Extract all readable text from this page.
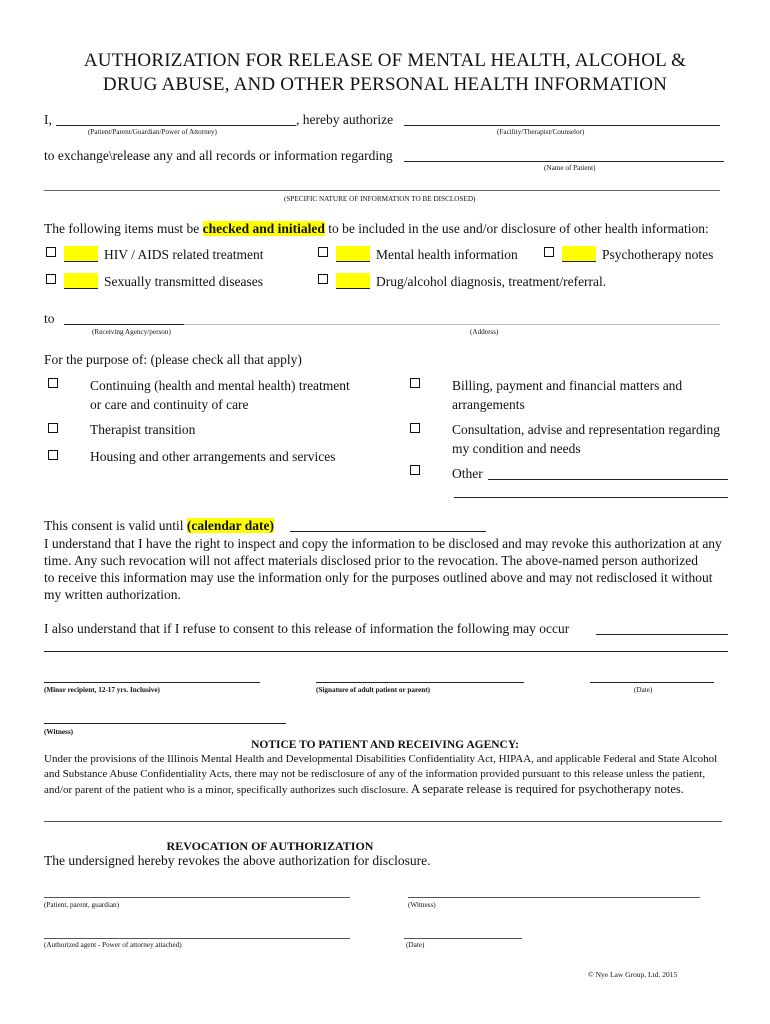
AUTHORIZATION FOR RELEASE OF MENTAL HEALTH, ALCOHOL &
DRUG ABUSE, AND OTHER PERSONAL HEALTH INFORMATION
I,	, hereby authorize
(Patient/Parent/Guardian/Power of Attorney)	(Facility/Therapist/Counselor)
to exchange\release any and all records or information regarding
(Name of Patient)
(SPECIFIC NATURE OF INFORMATION TO BE DISCLOSED)
The following items must be checked and initialed to be included in the use and/or disclosure of other health information:
HIV / AIDS related treatment	Mental health information	Psychotherapy notes
Sexually transmitted diseases	Drug/alcohol diagnosis, treatment/referral.
to
(Receiving Agency/person)	(Address)
For the purpose of: (please check all that apply)
Continuing (health and mental health) treatment
or care and continuity of care
Billing, payment and financial matters and
arrangements
Therapist transition	Consultation, advise and representation regarding
my condition and needs
Housing and other arrangements and services
Other
This consent is valid until (calendar date)
I understand that I have the right to inspect and copy the information to be disclosed and may revoke this authorization at any
time. Any such revocation will not affect materials disclosed prior to the revocation. The above-named person authorized
to receive this information may use the information only for the purposes outlined above and may not redisclosed it without
my written authorization.
I also understand that if I refuse to consent to this release of information the following may occur
(Minor recipient, 12-17 yrs. Inclusive)	(Signature of adult patient or parent)	(Date)
(Witness)
NOTICE TO PATIENT AND RECEIVING AGENCY:
Under the provisions of the Illinois Mental Health and Developmental Disabilities Confidentiality Act, HIPAA, and applicable Federal and State Alcohol
and Substance Abuse Confidentiality Acts, there may not be redisclosure of any of the information provided pursuant to this release unless the patient,
and/or parent of the patient who is a minor, specifically authorizes such disclosure. A separate release is required for psychotherapy notes.
REVOCATION OF AUTHORIZATION
The undersigned hereby revokes the above authorization for disclosure.
(Patient, parent, guardian)	(Witness)
(Authorized agent - Power of attorney attached)	(Date)
© Nye Law Group, Ltd. 2015
